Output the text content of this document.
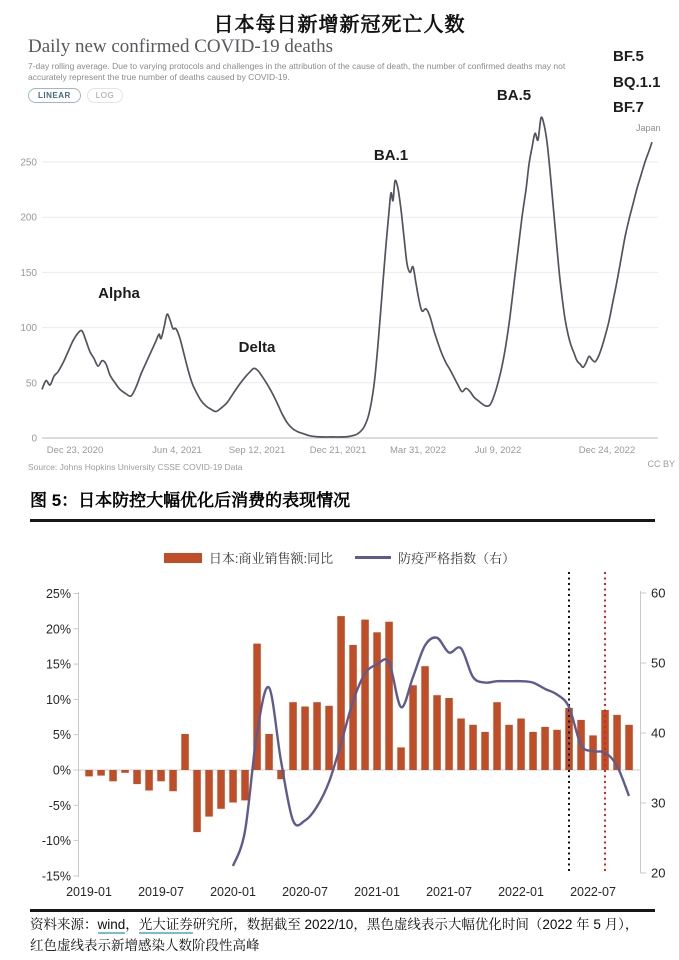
0
50
100
150
200
250
Dec 23, 2020	Jun 4, 2021	Sep 12, 2021	Dec 21, 2021	Mar 31, 2022	Jul 9, 2022	Dec 24, 2022
25%
20%
15%
10%
5%
0%
-5%
-10%
-15%
60
50
40
30
20
2019-01 2019-07 2020-01 2020-07 2021-01 2021-07 2022-01 2022-07
日本每日新增新冠死亡人数
Daily new confirmed COVID-19 deaths
7-day rolling average. Due to varying protocols and challenges in the attribution of the cause of death, the number of confirmed deaths may not accurately represent the true number of deaths caused by COVID-19.
LINEAR	LOG
Alpha
Delta
BA.1
BA.5
BF.5
BQ.1.1
BF.7
Japan
Source: Johns Hopkins University CSSE COVID-19 Data	CC BY
图 5：日本防控大幅优化后消费的表现情况
日本:商业销售额:同比	防疫严格指数（右）
资料来源：wind，光大证券研究所，数据截至 2022/10，黑色虚线表示大幅优化时间（2022 年 5 月），红色虚线表示新增感染人数阶段性高峰
